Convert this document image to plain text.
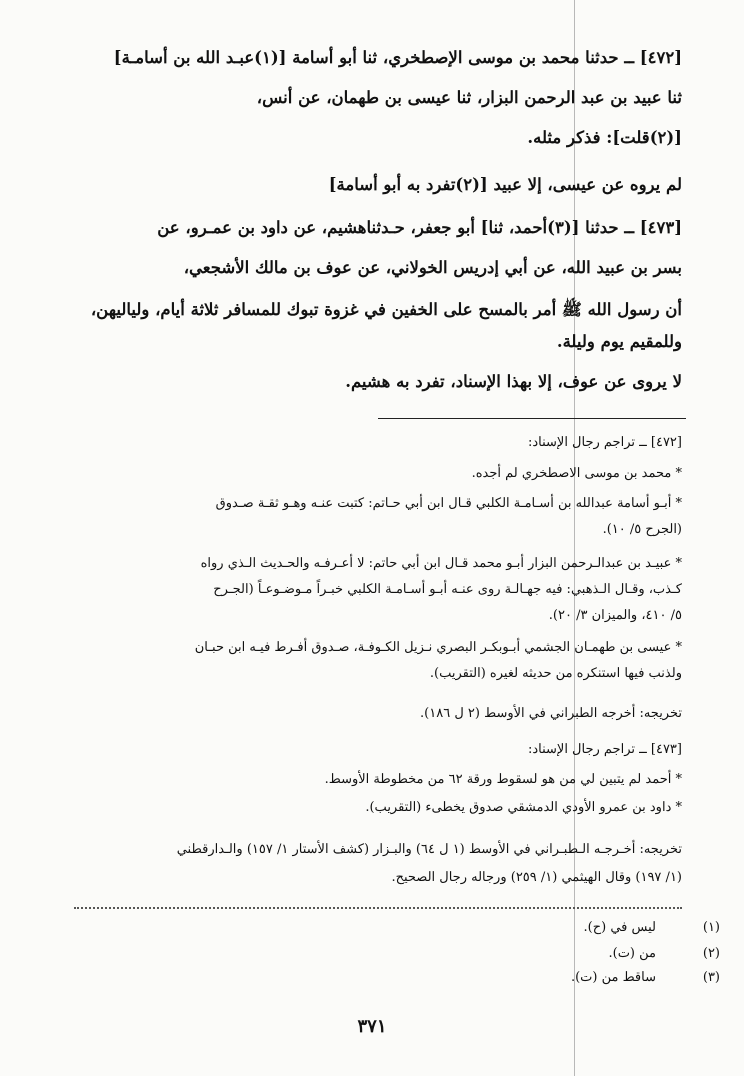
[٤٧٢] ــ حدثنا محمد بن موسى الإصطخري، ثنا أبو أسامة [(١)عبـد الله بن أسامـة]
ثنا عبيد بن عبد الرحمن البزار، ثنا عيسى بن طهمان، عن أنس،
[(٢)قلت]: فذكر مثله.
لم يروه عن عيسى، إلا عبيد [(٢)تفرد به أبو أسامة]
[٤٧٣] ــ حدثنا [(٣)أحمد، ثنا] أبو جعفر، حـدثناهشيم، عن داود بن عمـرو، عن
بسر بن عبيد الله، عن أبي إدريس الخولاني، عن عوف بن مالك الأشجعي،
أن رسول الله ﷺ أمر بالمسح على الخفين في غزوة تبوك للمسافر ثلاثة أيام، ولياليهن،
وللمقيم يوم وليلة.
لا يروى عن عوف، إلا بهذا الإسناد، تفرد به هشيم.
[٤٧٢] ــ تراجم رجال الإسناد:
* محمد بن موسى الاصطخري لم أجده.
* أبـو أسامة عبدالله بن أسـامـة الكلبي قـال ابن أبي حـاتم: كتبت عنـه وهـو ثقـة صـدوق
(الجرح ٥/ ١٠).
* عبيـد بن عبدالـرحمن البزار أبـو محمد قـال ابن أبي حاتم: لا أعـرفـه والحـديث الـذي رواه
كـذب، وقـال الـذهبي: فيه جهـالـة روى عنـه أبـو أسـامـة الكلبي خبـراً مـوضـوعـاً (الجـرح
٥/ ٤١٠، والميزان ٣/ ٢٠).
* عيسى بن طهمـان الجشمي أبـوبكـر البصري نـزيل الكـوفـة، صـدوق أفـرط فيـه ابن حبـان
ولذنب فيها استنكره من حديثه لغيره (التقريب).
تخريجه: أخرجه الطبراني في الأوسط (٢ ل ١٨٦).
[٤٧٣] ــ تراجم رجال الإسناد:
* أحمد لم يتبين لي من هو لسقوط ورقة ٦٢ من مخطوطة الأوسط.
* داود بن عمرو الأودي الدمشقي صدوق يخطىء (التقريب).
تخريجه: أخـرجـه الـطبـراني في الأوسط (١ ل ٦٤) والبـزار (كشف الأستار ١/ ١٥٧) والـدارقطني
(١/ ١٩٧) وقال الهيثمي (١/ ٢٥٩) ورجاله رجال الصحيح.
(١)
ليس في (ح).
(٢)
من (ت).
(٣)
ساقط من (ت).
٣٧١
